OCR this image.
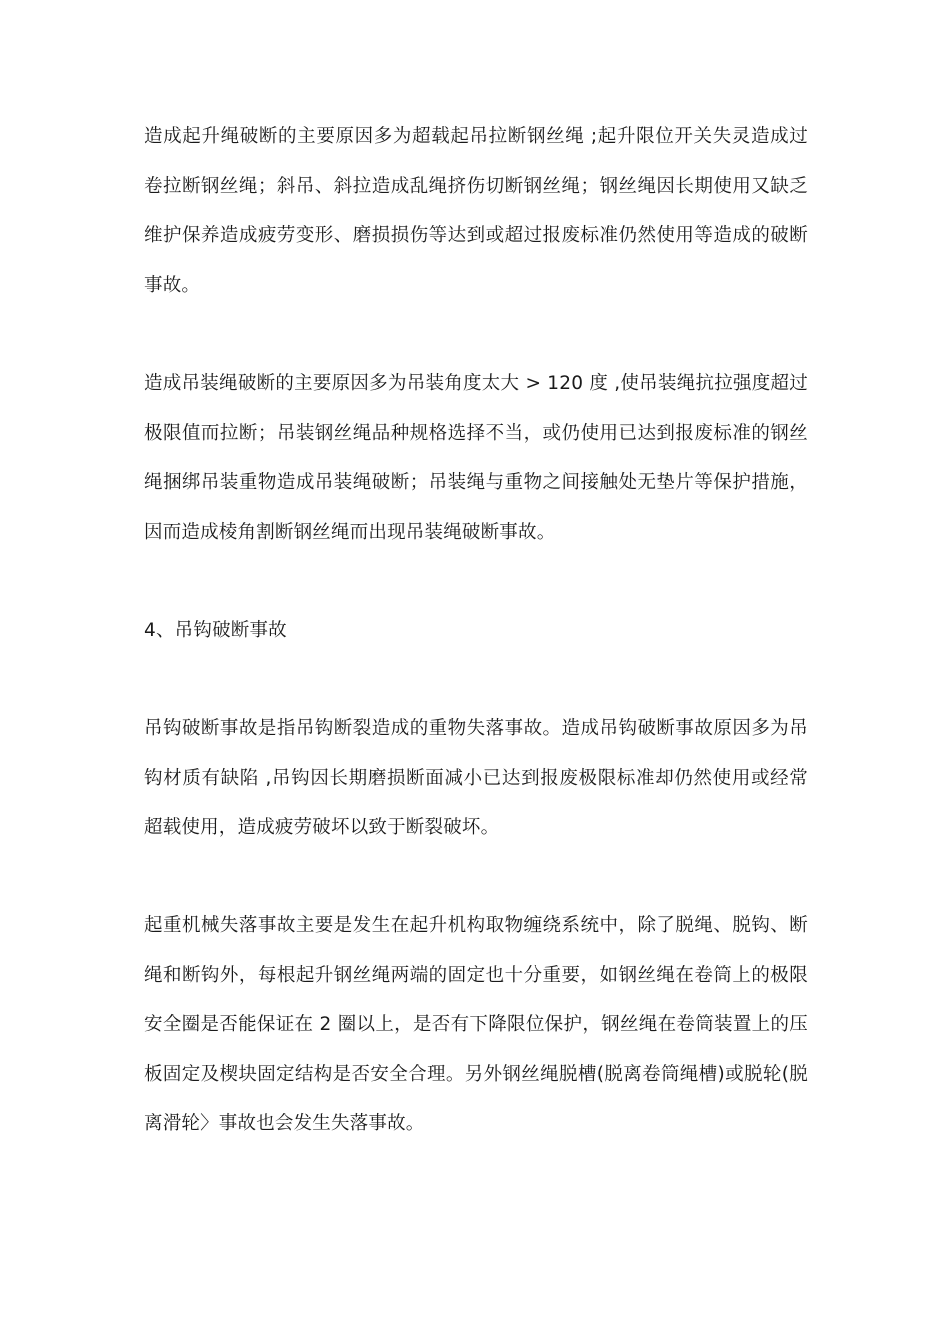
造成起升绳破断的主要原因多为超载起吊拉断钢丝绳 ;起升限位开关失灵造成过
卷拉断钢丝绳；斜吊、斜拉造成乱绳挤伤切断钢丝绳；钢丝绳因长期使用又缺乏
维护保养造成疲劳变形、磨损损伤等达到或超过报废标准仍然使用等造成的破断
事故。
造成吊装绳破断的主要原因多为吊装角度太大 > 120 度 ,使吊装绳抗拉强度超过
极限值而拉断；吊装钢丝绳品种规格选择不当，或仍使用已达到报废标准的钢丝
绳捆绑吊装重物造成吊装绳破断；吊装绳与重物之间接触处无垫片等保护措施，
因而造成棱角割断钢丝绳而出现吊装绳破断事故。
4、吊钩破断事故
吊钩破断事故是指吊钩断裂造成的重物失落事故。造成吊钩破断事故原因多为吊
钩材质有缺陷 ,吊钩因长期磨损断面减小已达到报废极限标准却仍然使用或经常
超载使用，造成疲劳破坏以致于断裂破坏。
起重机械失落事故主要是发生在起升机构取物缠绕系统中，除了脱绳、脱钩、断
绳和断钩外，每根起升钢丝绳两端的固定也十分重要，如钢丝绳在卷筒上的极限
安全圈是否能保证在 2 圈以上，是否有下降限位保护，钢丝绳在卷筒装置上的压
板固定及楔块固定结构是否安全合理。另外钢丝绳脱槽(脱离卷筒绳槽)或脱轮(脱
离滑轮〉事故也会发生失落事故。
